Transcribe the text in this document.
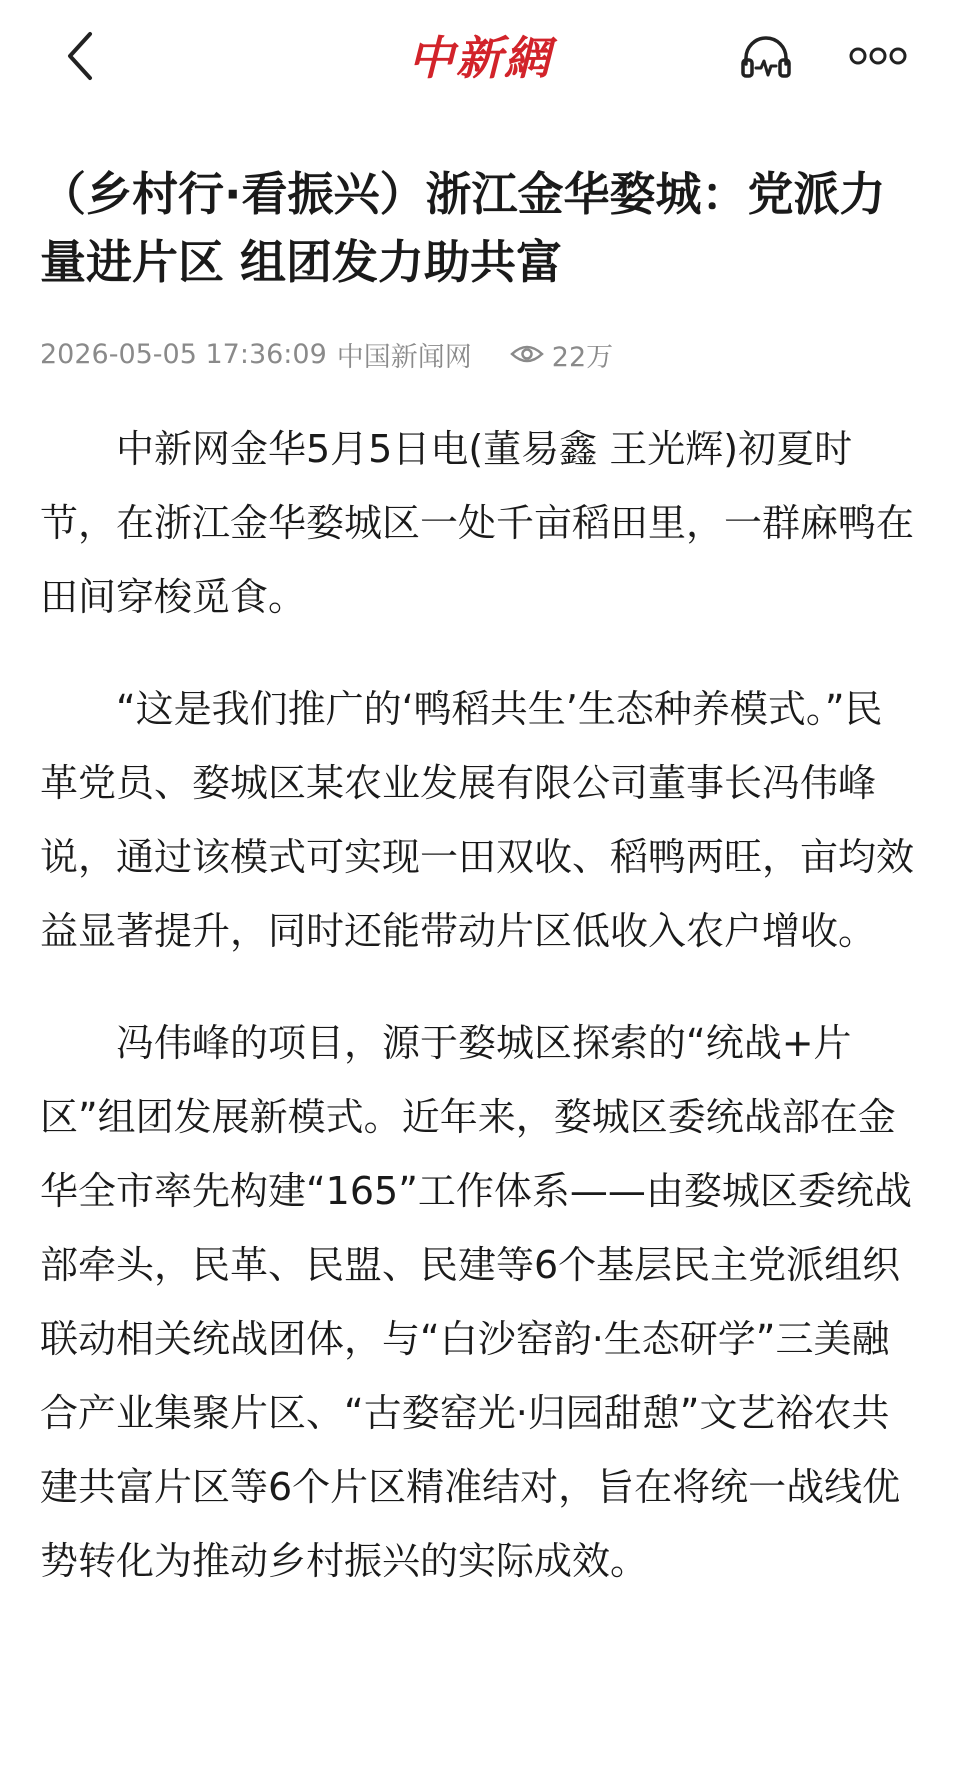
中新網
（乡村行·看振兴）浙江金华婺城：党派力量进片区 组团发力助共富
2026-05-05 17:36:09 中国新闻网	22万

中新网金华5月5日电(董易鑫 王光辉)初夏时节，在浙江金华婺城区一处千亩稻田里，一群麻鸭在田间穿梭觅食。

“这是我们推广的‘鸭稻共生’生态种养模式。”民革党员、婺城区某农业发展有限公司董事长冯伟峰说，通过该模式可实现一田双收、稻鸭两旺，亩均效益显著提升，同时还能带动片区低收入农户增收。

冯伟峰的项目，源于婺城区探索的“统战+片区”组团发展新模式。近年来，婺城区委统战部在金华全市率先构建“165”工作体系——由婺城区委统战部牵头，民革、民盟、民建等6个基层民主党派组织联动相关统战团体，与“白沙窑韵·生态研学”三美融合产业集聚片区、“古婺窑光·归园甜憩”文艺裕农共建共富片区等6个片区精准结对，旨在将统一战线优势转化为推动乡村振兴的实际成效。
